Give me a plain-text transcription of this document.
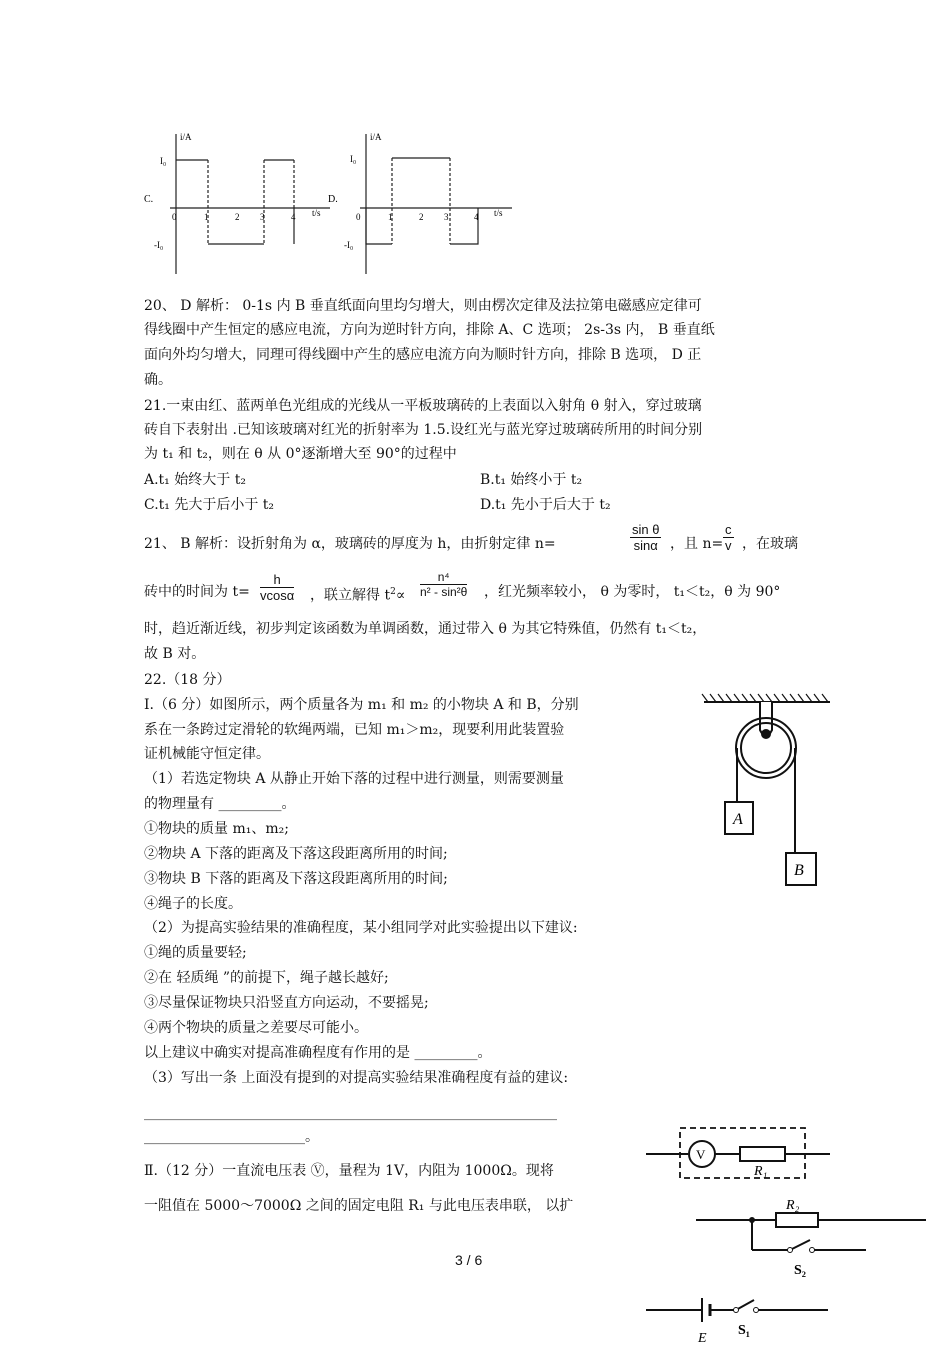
i/A
I₀
-I₀
C.
0	1	2 3	4 t/s
i/A
I₀
-I₀
D.
0	1	2 3	4 t/s
20、 D 解析： 0-1s 内 B 垂直纸面向里均匀增大，则由楞次定律及法拉第电磁感应定律可
得线圈中产生恒定的感应电流，方向为逆时针方向，排除 A、C 选项； 2s-3s 内， B 垂直纸
面向外均匀增大，同理可得线圈中产生的感应电流方向为顺时针方向，排除 B 选项， D 正
确。
21.一束由红、蓝两单色光组成的光线从一平板玻璃砖的上表面以入射角 θ 射入，穿过玻璃
砖自下表射出 .已知该玻璃对红光的折射率为 1.5.设红光与蓝光穿过玻璃砖所用的时间分别
为 t₁ 和 t₂，则在 θ 从 0°逐渐增大至 90°的过程中
A.t₁ 始终大于 t₂	B.t₁ 始终小于 t₂
C.t₁ 先大于后小于 t₂	D.t₁ 先小于后大于 t₂
21、 B 解析：设折射角为 α，玻璃砖的厚度为 h，由折射定律 n=	$\frac{\text{sin θ}}{\sin\alpha}$ ，且 $n= \frac{c}{v}$ ，在玻璃
砖中的时间为 $t= \frac{h}{vcos\alpha}$ ，联立解得 $t^2\propto \frac{\text{n⁴}}{\text{n² - sin²θ}}$ ，红光频率较小， θ 为零时， t₁＜t₂，θ 为 90°
时，趋近渐近线，初步判定该函数为单调函数，通过带入 θ 为其它特殊值，仍然有 t₁＜t₂，
故 B 对。
22.（18 分）
Ⅰ.（6 分）如图所示，两个质量各为 m₁ 和 m₂ 的小物块 A 和 B，分别
系在一条跨过定滑轮的软绳两端，已知 m₁＞m₂，现要利用此装置验
证机械能守恒定律。
（1）若选定物块 A 从静止开始下落的过程中进行测量，则需要测量
的物理量有 _________。
①物块的质量 m₁、m₂;
②物块 A 下落的距离及下落这段距离所用的时间;
③物块 B 下落的距离及下落这段距离所用的时间;
④绳子的长度。
（2）为提高实验结果的准确程度，某小组同学对此实验提出以下建议:
①绳的质量要轻;
②在 轻质绳 ”的前提下，绳子越长越好;
③尽量保证物块只沿竖直方向运动，不要摇晃;
④两个物块的质量之差要尽可能小。
以上建议中确实对提高准确程度有作用的是 _________。
（3）写出一条 上面没有提到的对提高实验结果准确程度有益的建议:
___________________________________________________________
_______________________。
Ⅱ.（12 分）一直流电压表 Ⓥ，量程为 1V，内阻为 1000Ω。现将
一阻值在 5000～7000Ω 之间的固定电阻 R₁ 与此电压表串联， 以扩
A
B
V
R₁
R₂
S₂
S₁
E
3 / 6
